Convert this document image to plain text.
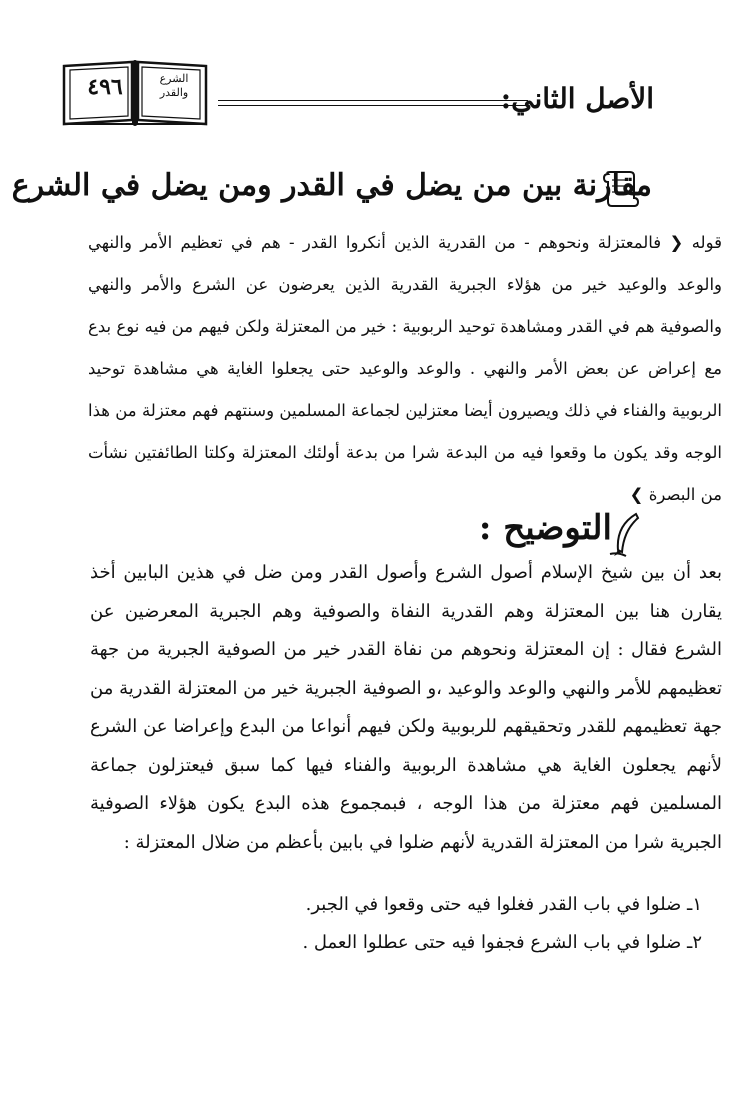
٤٩٦	الشرع
والقدر	الأصل الثاني:
مقارنة بين من يضل في القدر ومن يضل في الشرع

قوله ❮ فالمعتزلة ونحوهم - من القدرية الذين أنكروا القدر - هم في تعظيم الأمر والنهي والوعد والوعيد خير من هؤلاء الجبرية القدرية الذين يعرضون عن الشرع والأمر والنهي والصوفية هم في القدر ومشاهدة توحيد الربوبية : خير من المعتزلة ولكن فيهم من فيه نوع بدع مع إعراض عن بعض الأمر والنهي . والوعد والوعيد حتى يجعلوا الغاية هي مشاهدة توحيد الربوبية والفناء في ذلك ويصيرون أيضا معتزلين لجماعة المسلمين وسنتهم فهم معتزلة من هذا الوجه وقد يكون ما وقعوا فيه من البدعة شرا من بدعة أولئك المعتزلة وكلتا الطائفتين نشأت من البصرة ❯

التوضيح :

بعد أن بين شيخ الإسلام أصول الشرع وأصول القدر ومن ضل في هذين البابين أخذ يقارن هنا بين المعتزلة وهم القدرية النفاة والصوفية وهم الجبرية المعرضين عن الشرع فقال : إن المعتزلة ونحوهم من نفاة القدر خير من الصوفية الجبرية من جهة تعظيمهم للأمر والنهي والوعد والوعيد ،و الصوفية الجبرية خير من المعتزلة القدرية من جهة تعظيمهم للقدر وتحقيقهم للربوبية ولكن فيهم أنواعا من البدع وإعراضا عن الشرع لأنهم يجعلون الغاية هي مشاهدة الربوبية والفناء فيها كما سبق فيعتزلون جماعة المسلمين فهم معتزلة من هذا الوجه ، فبمجموع هذه البدع يكون هؤلاء الصوفية الجبرية شرا من المعتزلة القدرية لأنهم ضلوا في بابين بأعظم من ضلال المعتزلة :

١ـ ضلوا في باب القدر فغلوا فيه حتى وقعوا في الجبر.
٢ـ ضلوا في باب الشرع فجفوا فيه حتى عطلوا العمل .
